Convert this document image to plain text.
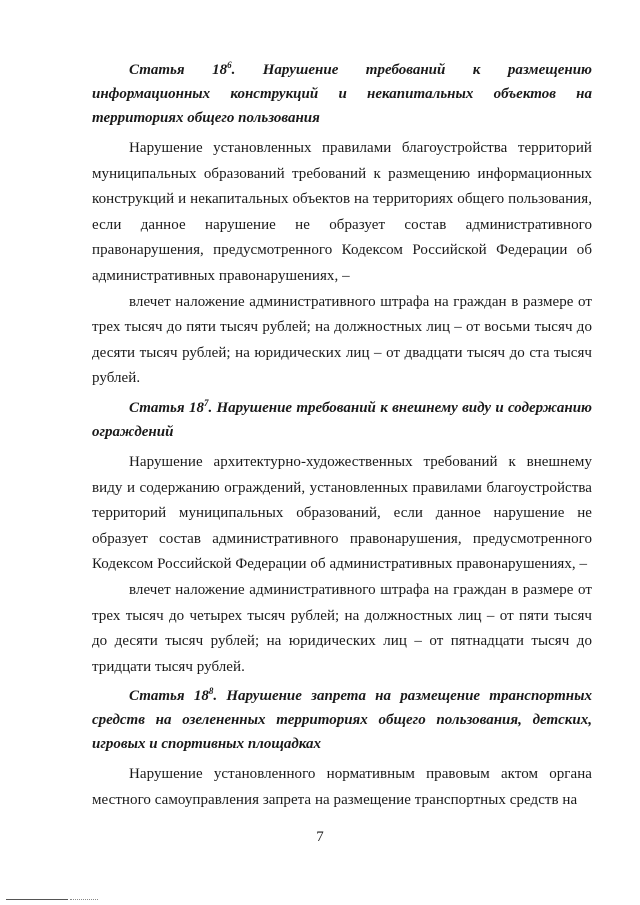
Статья $18^6$. Нарушение требований к размещению информационных конструкций и некапитальных объектов на территориях общего пользования

Нарушение установленных правилами благоустройства территорий муниципальных образований требований к размещению информационных конструкций и некапитальных объектов на территориях общего пользования, если данное нарушение не образует состав административного правонарушения, предусмотренного Кодексом Российской Федерации об административных правонарушениях, –

влечет наложение административного штрафа на граждан в размере от трех тысяч до пяти тысяч рублей; на должностных лиц – от восьми тысяч до десяти тысяч рублей; на юридических лиц – от двадцати тысяч до ста тысяч рублей.

Статья $18^7$. Нарушение требований к внешнему виду и содержанию ограждений

Нарушение архитектурно-художественных требований к внешнему виду и содержанию ограждений, установленных правилами благоустройства территорий муниципальных образований, если данное нарушение не образует состав административного правонарушения, предусмотренного Кодексом Российской Федерации об административных правонарушениях, –

влечет наложение административного штрафа на граждан в размере от трех тысяч до четырех тысяч рублей; на должностных лиц – от пяти тысяч до десяти тысяч рублей; на юридических лиц – от пятнадцати тысяч до тридцати тысяч рублей.

Статья $18^8$. Нарушение запрета на размещение транспортных средств на озелененных территориях общего пользования, детских, игровых и спортивных площадках

Нарушение установленного нормативным правовым актом органа местного самоуправления запрета на размещение транспортных средств на

7
